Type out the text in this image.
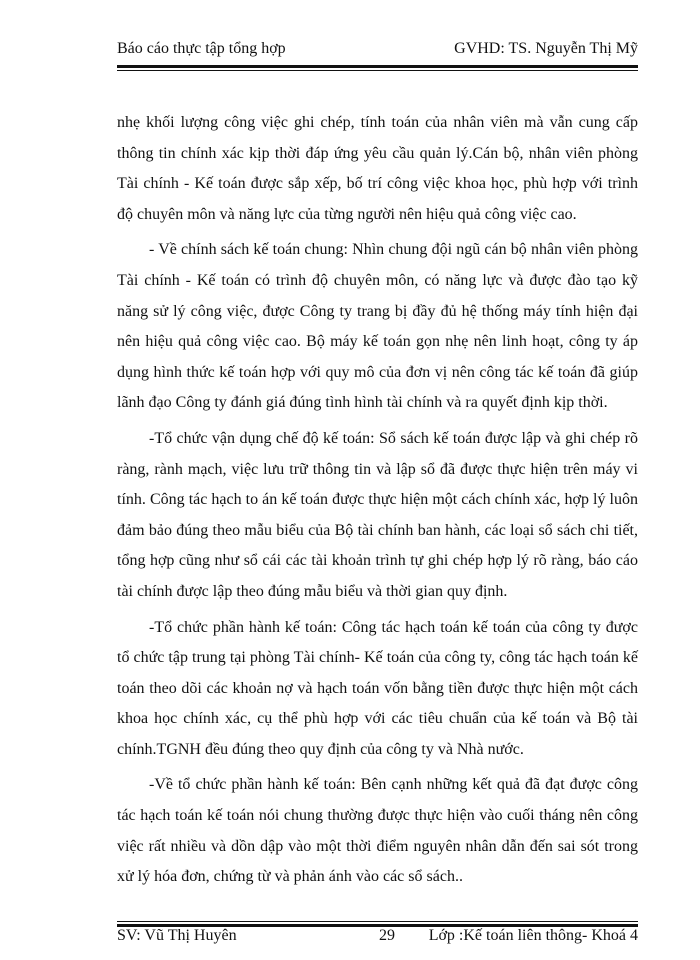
Báo cáo thực tập tổng hợp	GVHD: TS. Nguyễn Thị Mỹ

nhẹ khối lượng công việc ghi chép, tính toán của nhân viên mà vẫn cung cấp thông tin chính xác kịp thời đáp ứng yêu cầu quản lý.Cán bộ, nhân viên phòng Tài chính - Kế toán được sắp xếp, bố trí công việc khoa học, phù hợp với trình độ chuyên môn và năng lực của từng người nên hiệu quả công việc cao.

- Về chính sách kế toán chung: Nhìn chung đội ngũ cán bộ nhân viên phòng Tài chính - Kế toán có trình độ chuyên môn, có năng lực và được đào tạo kỹ năng sử lý công việc, được Công ty trang bị đầy đủ hệ thống máy tính hiện đại nên hiệu quả công việc cao. Bộ máy kế toán gọn nhẹ nên linh hoạt, công ty áp dụng hình thức kế toán hợp với quy mô của đơn vị nên công tác kế toán đã giúp lãnh đạo Công ty đánh giá đúng tình hình tài chính và ra quyết định kịp thời.

-Tổ chức vận dụng chế độ kế toán: Sổ sách kế toán được lập và ghi chép rõ ràng, rành mạch, việc lưu trữ thông tin và lập sổ đã được thực hiện trên máy vi tính. Công tác hạch to án kế toán được thực hiện một cách chính xác, hợp lý luôn đảm bảo đúng theo mẫu biểu của Bộ tài chính ban hành, các loại sổ sách chi tiết, tổng hợp cũng như sổ cái các tài khoản trình tự ghi chép hợp lý rõ ràng, báo cáo tài chính được lập theo đúng mẫu biểu và thời gian quy định.

-Tổ chức phần hành kế toán: Công tác hạch toán kế toán của công ty được tổ chức tập trung tại phòng Tài chính- Kế toán của công ty, công tác hạch toán kế toán theo dõi các khoản nợ và hạch toán vốn bằng tiền được thực hiện một cách khoa học chính xác, cụ thể phù hợp với các tiêu chuẩn của kế toán và Bộ tài chính.TGNH đều đúng theo quy định của công ty và Nhà nước.

-Về tổ chức phần hành kế toán: Bên cạnh những kết quả đã đạt được công tác hạch toán kế toán nói chung thường được thực hiện vào cuối tháng nên công việc rất nhiều và dồn dập vào một thời điểm nguyên nhân dẫn đến sai sót trong xử lý hóa đơn, chứng từ và phản ánh vào các sổ sách..

SV: Vũ Thị Huyên	29 Lớp :Kế toán liên thông- Khoá 4
